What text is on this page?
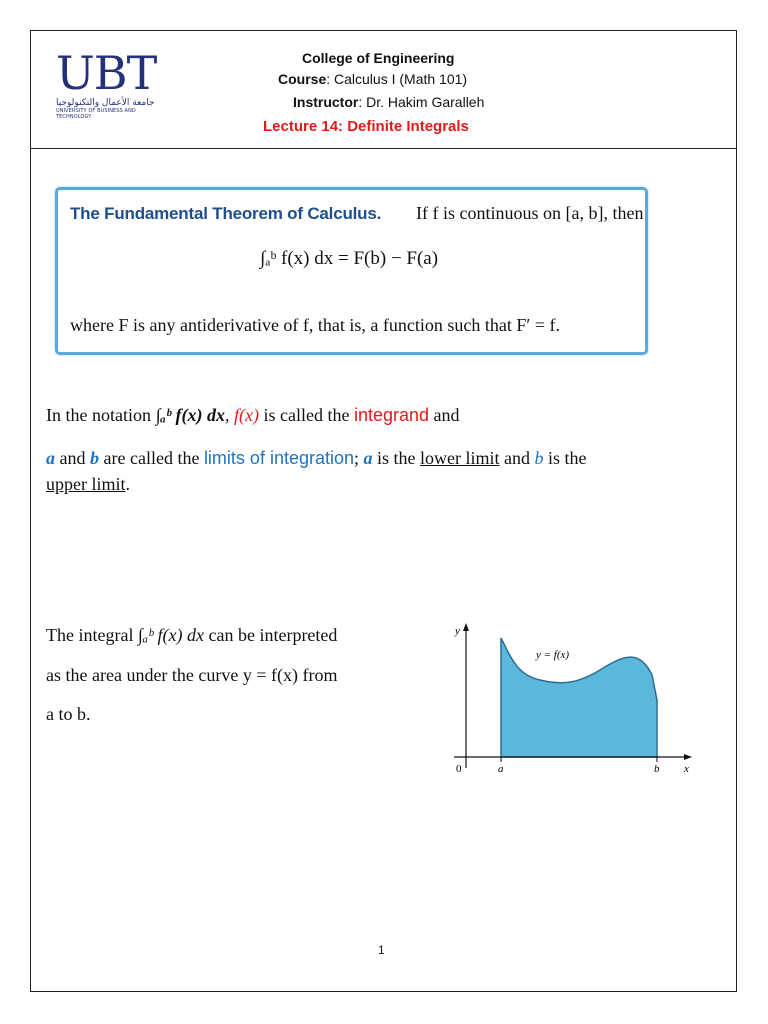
UBT
جامعة الأعمال والتكنولوجيا
UNIVERSITY OF BUSINESS AND TECHNOLOGY
College of Engineering
Course: Calculus I (Math 101)
Instructor: Dr. Hakim Garalleh
Lecture 14: Definite Integrals
The Fundamental Theorem of Calculus. If f is continuous on [a, b], then
∫ₐᵇ f(x) dx = F(b) − F(a)
where F is any antiderivative of f, that is, a function such that F′ = f.
In the notation ∫ₐᵇ f(x) dx, f(x) is called the integrand and
a and b are called the limits of integration; a is the lower limit and b is the
upper limit.
The integral ∫ₐᵇ f(x) dx can be interpreted
as the area under the curve y = f(x) from
a to b.
y
x
y = f(x)
0	a	b
1
